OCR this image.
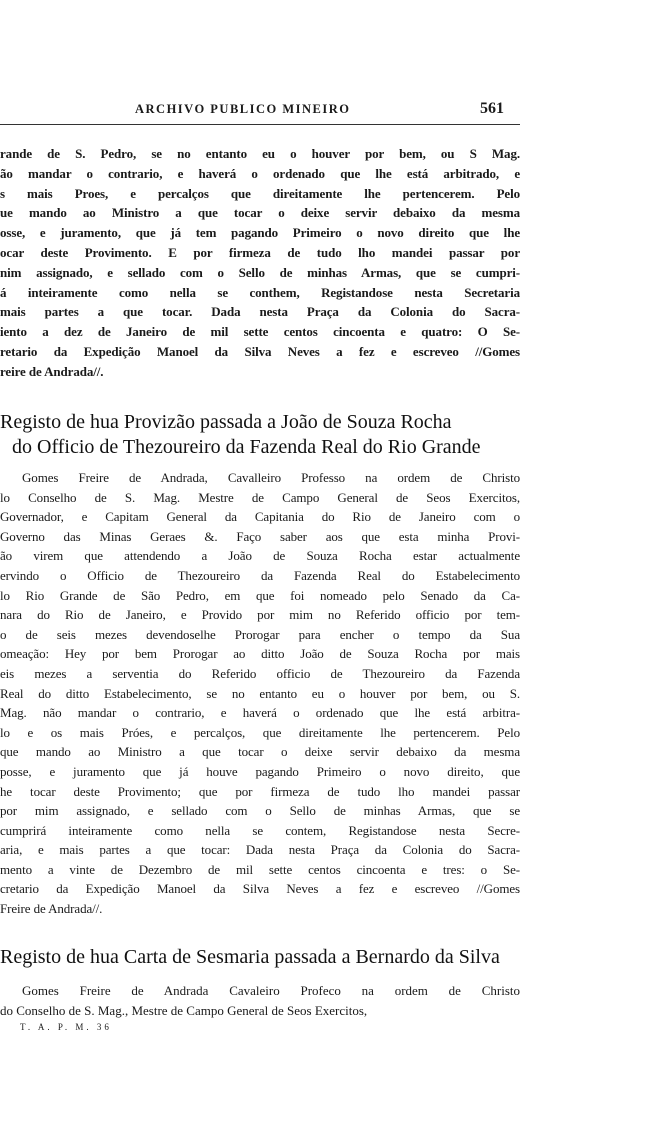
ARCHIVO PUBLICO MINEIRO	561
rande de S. Pedro, se no entanto eu o houver por bem, ou S Mag.
ão mandar o contrario, e haverá o ordenado que lhe está arbitrado, e
s mais Proes, e percalços que direitamente lhe pertencerem. Pelo
ue mando ao Ministro a que tocar o deixe servir debaixo da mesma
osse, e juramento, que já tem pagando Primeiro o novo direito que lhe
ocar deste Provimento. E por firmeza de tudo lho mandei passar por
nim assignado, e sellado com o Sello de minhas Armas, que se cumpri-
á inteiramente como nella se conthem, Registandose nesta Secretaria
mais partes a que tocar. Dada nesta Praça da Colonia do Sacra-
iento a dez de Janeiro de mil sette centos cincoenta e quatro: O Se-
retario da Expedição Manoel da Silva Neves a fez e escreveo //Gomes
reire de Andrada//.
Registo de hua Provizão passada a João de Souza Rocha
do Officio de Thezoureiro da Fazenda Real do Rio Grande
Gomes Freire de Andrada, Cavalleiro Professo na ordem de Christo
lo Conselho de S. Mag. Mestre de Campo General de Seos Exercitos,
Governador, e Capitam General da Capitania do Rio de Janeiro com o
Governo das Minas Geraes &. Faço saber aos que esta minha Provi-
ão virem que attendendo a João de Souza Rocha estar actualmente
ervindo o Officio de Thezoureiro da Fazenda Real do Estabelecimento
lo Rio Grande de São Pedro, em que foi nomeado pelo Senado da Ca-
nara do Rio de Janeiro, e Provido por mim no Referido officio por tem-
o de seis mezes devendoselhe Prorogar para encher o tempo da Sua
omeação: Hey por bem Prorogar ao ditto João de Souza Rocha por mais
eis mezes a serventia do Referido officio de Thezoureiro da Fazenda
Real do ditto Estabelecimento, se no entanto eu o houver por bem, ou S.
Mag. não mandar o contrario, e haverá o ordenado que lhe está arbitra-
lo e os mais Próes, e percalços, que direitamente lhe pertencerem. Pelo
que mando ao Ministro a que tocar o deixe servir debaixo da mesma
posse, e juramento que já houve pagando Primeiro o novo direito, que
he tocar deste Provimento; que por firmeza de tudo lho mandei passar
por mim assignado, e sellado com o Sello de minhas Armas, que se
cumprirá inteiramente como nella se contem, Registandose nesta Secre-
aria, e mais partes a que tocar: Dada nesta Praça da Colonia do Sacra-
mento a vinte de Dezembro de mil sette centos cincoenta e tres: o Se-
cretario da Expedição Manoel da Silva Neves a fez e escreveo //Gomes
Freire de Andrada//.
Registo de hua Carta de Sesmaria passada a Bernardo da Silva
Gomes Freire de Andrada Cavaleiro Profeco na ordem de Christo
do Conselho de S. Mag., Mestre de Campo General de Seos Exercitos,
T. A. P. M. 36
